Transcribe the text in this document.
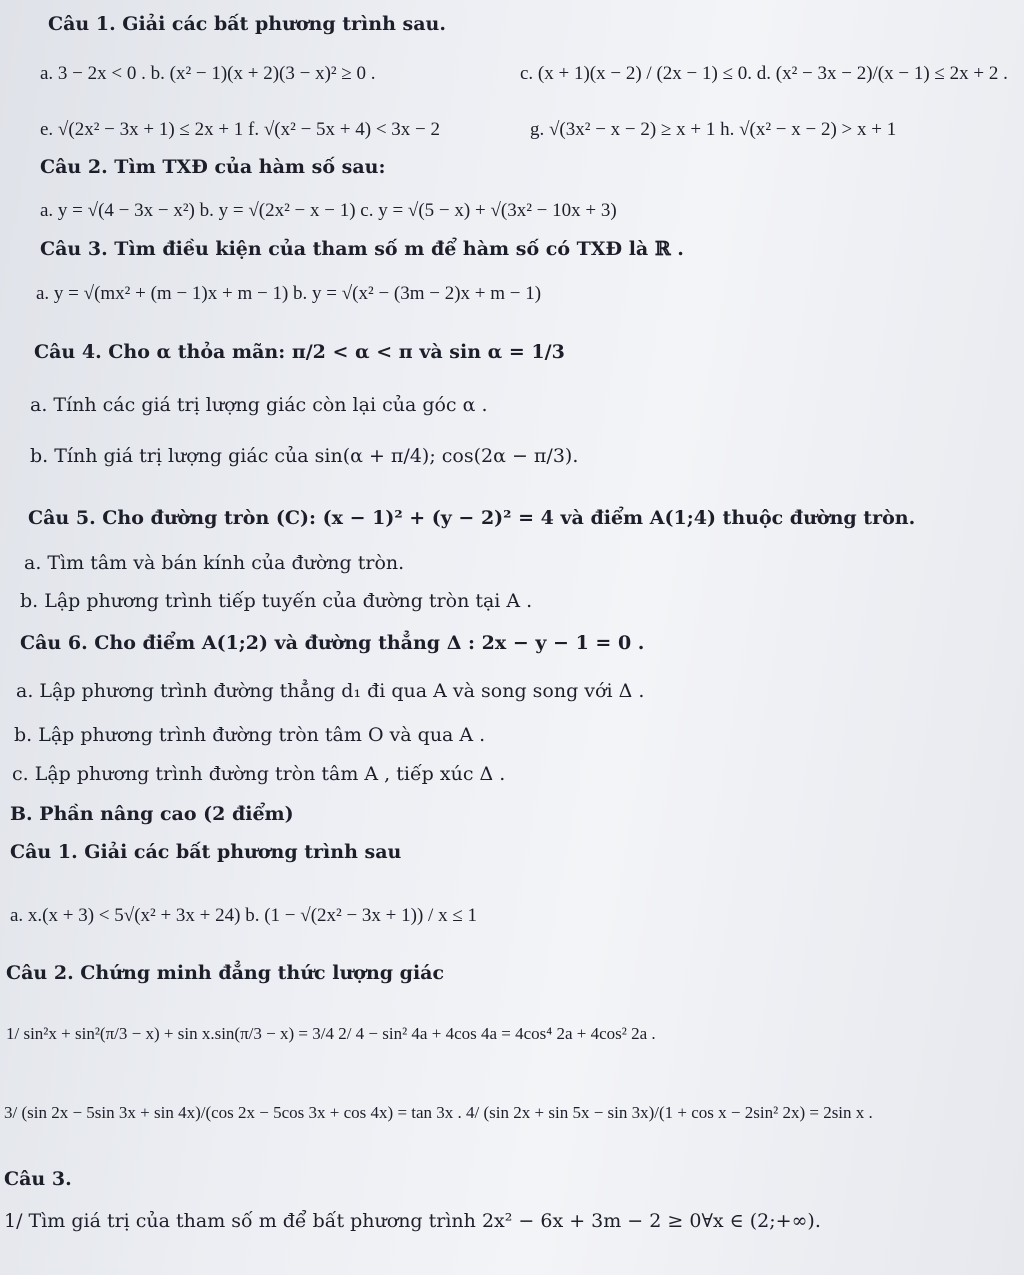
Câu 1. Giải các bất phương trình sau.
a. 3 − 2x < 0 . b. (x² − 1)(x + 2)(3 − x)² ≥ 0 .	c. (x + 1)(x − 2) / (2x − 1) ≤ 0. d. (x² − 3x − 2)/(x − 1) ≤ 2x + 2 .
e. √(2x² − 3x + 1) ≤ 2x + 1 f. √(x² − 5x + 4) < 3x − 2	g. √(3x² − x − 2) ≥ x + 1 h. √(x² − x − 2) > x + 1
Câu 2. Tìm TXĐ của hàm số sau:
a. y = √(4 − 3x − x²) b. y = √(2x² − x − 1) c. y = √(5 − x) + √(3x² − 10x + 3)
Câu 3. Tìm điều kiện của tham số m để hàm số có TXĐ là ℝ .
a. y = √(mx² + (m − 1)x + m − 1) b. y = √(x² − (3m − 2)x + m − 1)
Câu 4. Cho α thỏa mãn: π/2 < α < π và sin α = 1/3
a. Tính các giá trị lượng giác còn lại của góc α .
b. Tính giá trị lượng giác của sin(α + π/4); cos(2α − π/3).
Câu 5. Cho đường tròn (C): (x − 1)² + (y − 2)² = 4 và điểm A(1;4) thuộc đường tròn.
a. Tìm tâm và bán kính của đường tròn.
b. Lập phương trình tiếp tuyến của đường tròn tại A .
Câu 6. Cho điểm A(1;2) và đường thẳng Δ : 2x − y − 1 = 0 .
a. Lập phương trình đường thẳng d₁ đi qua A và song song với Δ .
b. Lập phương trình đường tròn tâm O và qua A .
c. Lập phương trình đường tròn tâm A , tiếp xúc Δ .
B. Phần nâng cao (2 điểm)
Câu 1. Giải các bất phương trình sau
a. x.(x + 3) < 5√(x² + 3x + 24) b. (1 − √(2x² − 3x + 1)) / x ≤ 1
Câu 2. Chứng minh đẳng thức lượng giác
1/ sin²x + sin²(π/3 − x) + sin x.sin(π/3 − x) = 3/4 2/ 4 − sin² 4a + 4cos 4a = 4cos⁴ 2a + 4cos² 2a .
3/ (sin 2x − 5sin 3x + sin 4x)/(cos 2x − 5cos 3x + cos 4x) = tan 3x . 4/ (sin 2x + sin 5x − sin 3x)/(1 + cos x − 2sin² 2x) = 2sin x .
Câu 3.
1/ Tìm giá trị của tham số m để bất phương trình 2x² − 6x + 3m − 2 ≥ 0∀x ∈ (2;+∞).
